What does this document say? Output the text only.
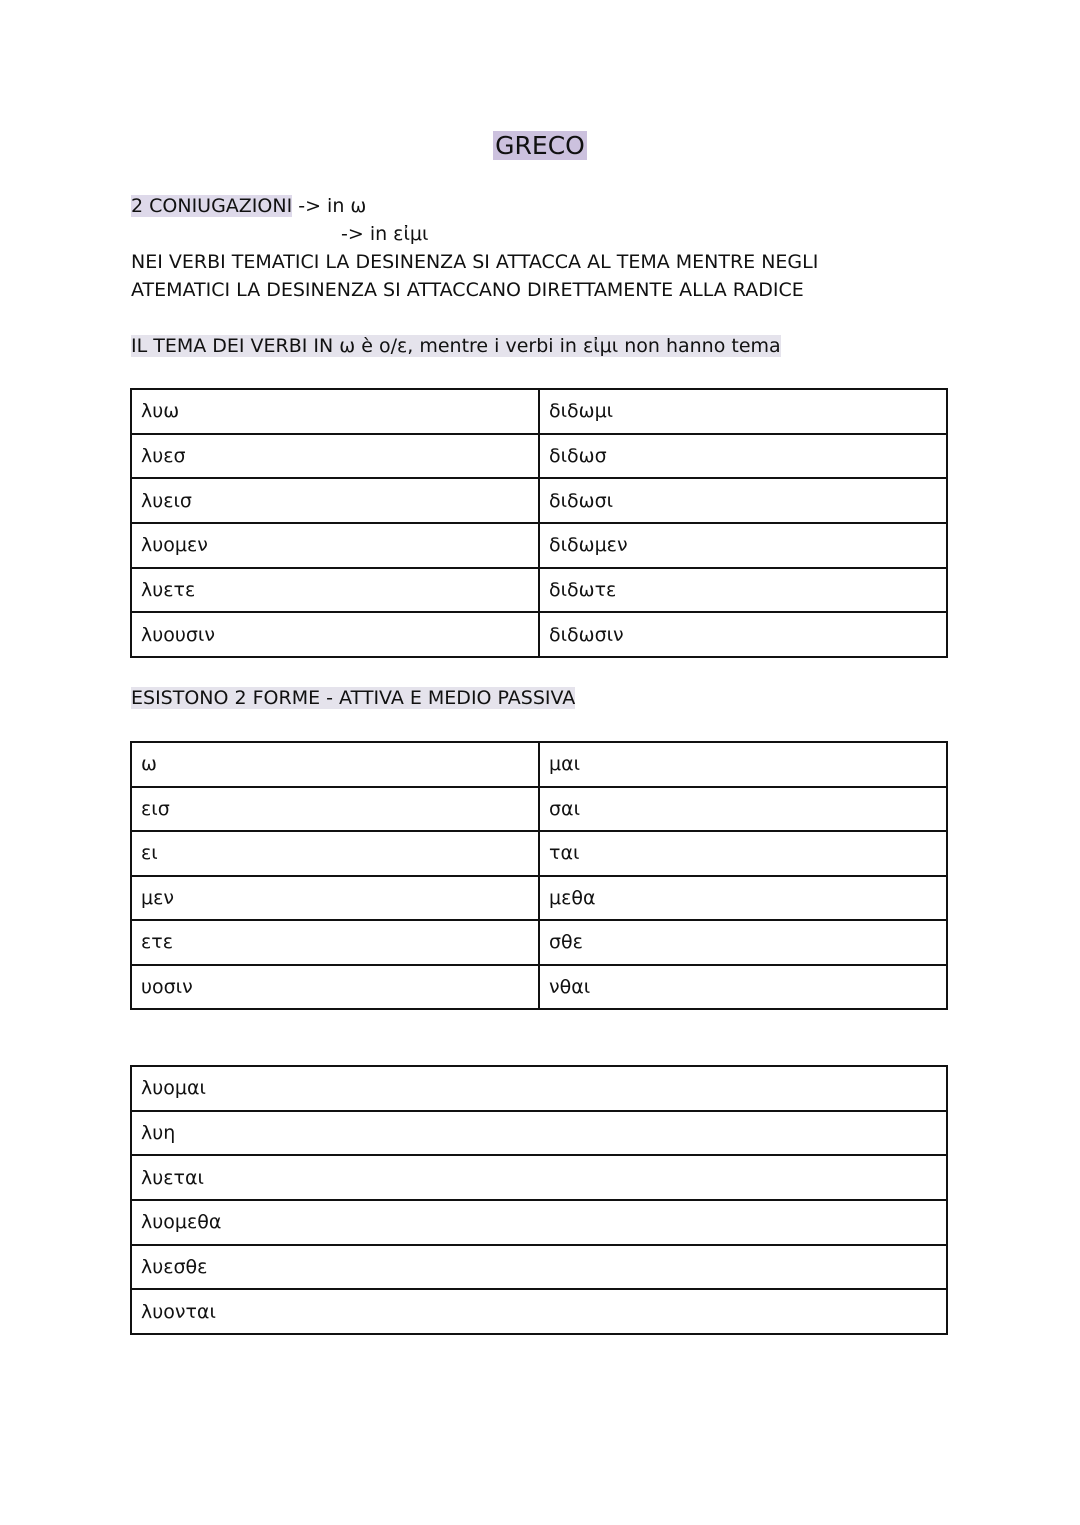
GRECO
2 CONIUGAZIONI -> in ω
-> in εἰμι
NEI VERBI TEMATICI LA DESINENZA SI ATTACCA AL TEMA MENTRE NEGLI
ATEMATICI LA DESINENZA SI ATTACCANO DIRETTAMENTE ALLA RADICE
IL TEMA DEI VERBI IN ω è ο/ε, mentre i verbi in εἰμι non hanno tema
λυω	διδωμι
λυεσ	διδωσ
λυεισ	διδωσι
λυομεν	διδωμεν
λυετε	διδωτε
λυουσιν	διδωσιν
ESISTONO 2 FORME - ATTIVA E MEDIO PASSIVA
ω	μαι
εισ	σαι
ει	ται
μεν	μεθα
ετε	σθε
υοσιν	νθαι
λυομαι
λυη
λυεται
λυομεθα
λυεσθε
λυονται
